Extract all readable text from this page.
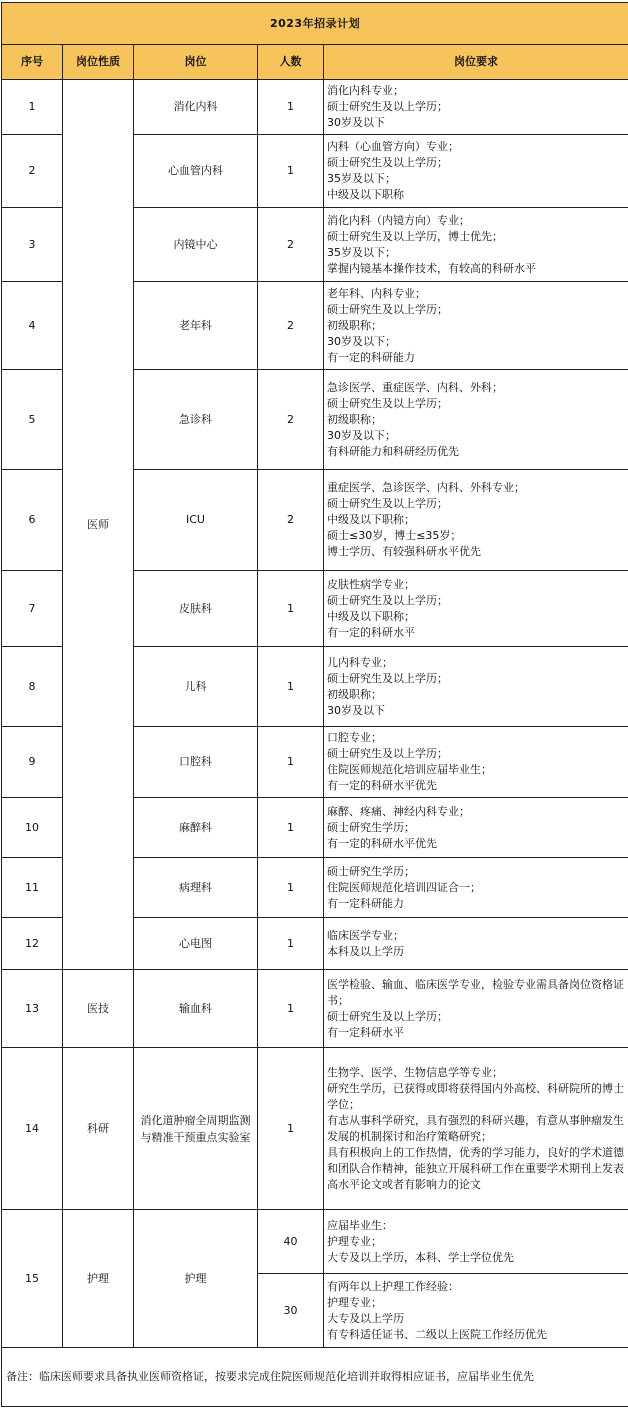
2023年招录计划				
序号	岗位性质	岗位	人数	岗位要求
1	医师	消化内科	1	消化内科专业；
硕士研究生及以上学历；
30岁及以下

2		心血管内科	1	内科（心血管方向）专业；
硕士研究生及以上学历；
35岁及以下；
中级及以下职称

3		内镜中心	2	消化内科（内镜方向）专业；
硕士研究生及以上学历，博士优先；
35岁及以下；
掌握内镜基本操作技术，有较高的科研水平

4		老年科	2	老年科、内科专业；
硕士研究生及以上学历；
初级职称；
30岁及以下；
有一定的科研能力

5		急诊科	2	急诊医学、重症医学、内科、外科；
硕士研究生及以上学历；
初级职称；
30岁及以下；
有科研能力和科研经历优先

6		ICU	2	重症医学、急诊医学、内科、外科专业；
硕士研究生及以上学历；
中级及以下职称；
硕士≤30岁，博士≤35岁；
博士学历、有较强科研水平优先

7		皮肤科	1	皮肤性病学专业；
硕士研究生及以上学历；
中级及以下职称；
有一定的科研水平

8		儿科	1	儿内科专业；
硕士研究生及以上学历；
初级职称；
30岁及以下

9		口腔科	1	口腔专业；
硕士研究生及以上学历；
住院医师规范化培训应届毕业生；
有一定的科研水平优先

10		麻醉科	1	麻醉、疼痛、神经内科专业；
硕士研究生学历；
有一定的科研水平优先

11		病理科	1	硕士研究生学历；
住院医师规范化培训四证合一；
有一定科研能力

12		心电图	1	临床医学专业；
本科及以上学历

13	医技	输血科	1	医学检验、输血、临床医学专业，检验专业需具备岗位资格证书；
硕士研究生及以上学历；
有一定科研水平

14	科研	消化道肿瘤全周期监测与精准干预重点实验室	1	生物学、医学、生物信息学等专业；
研究生学历，已获得或即将获得国内外高校、科研院所的博士学位；
有志从事科学研究，具有强烈的科研兴趣，有意从事肿瘤发生发展的机制探讨和治疗策略研究；
具有积极向上的工作热情，优秀的学习能力，良好的学术道德和团队合作精神，能独立开展科研工作在重要学术期刊上发表高水平论文或者有影响力的论文

15	护理	护理	40	应届毕业生：
护理专业；
大专及以上学历，本科、学士学位优先

			30	有两年以上护理工作经验：
护理专业；
大专及以上学历
有专科适任证书、二级以上医院工作经历优先

备注：临床医师要求具备执业医师资格证，按要求完成住院医师规范化培训并取得相应证书，应届毕业生优先				
